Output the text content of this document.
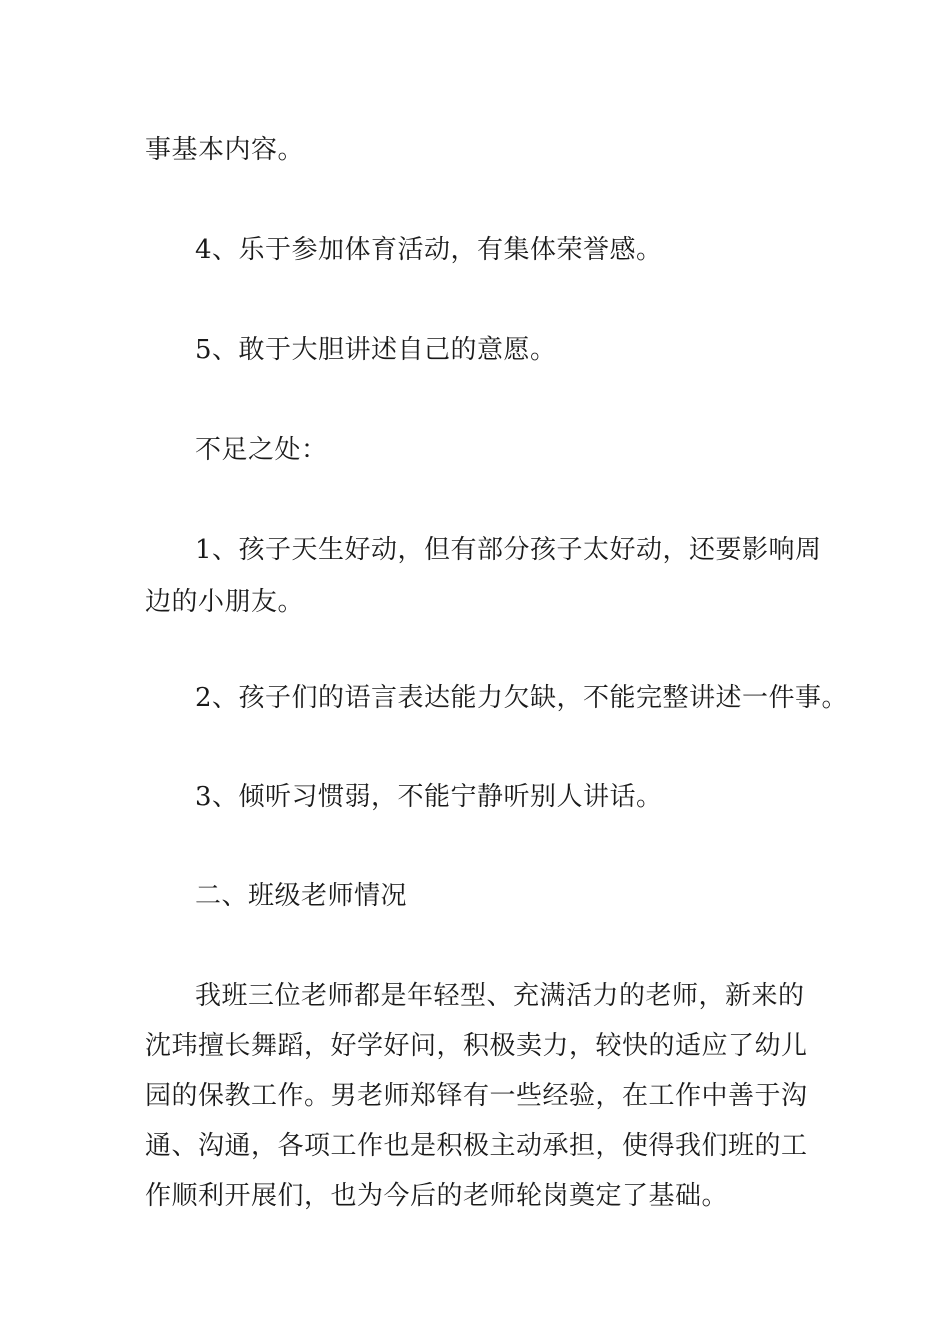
事基本内容。
4、乐于参加体育活动，有集体荣誉感。
5、敢于大胆讲述自己的意愿。
不足之处：
1、孩子天生好动，但有部分孩子太好动，还要影响周
边的小朋友。
2、孩子们的语言表达能力欠缺，不能完整讲述一件事。
3、倾听习惯弱，不能宁静听别人讲话。
二、班级老师情况
我班三位老师都是年轻型、充满活力的老师，新来的
沈玮擅长舞蹈，好学好问，积极卖力，较快的适应了幼儿
园的保教工作。男老师郑铎有一些经验，在工作中善于沟
通、沟通，各项工作也是积极主动承担，使得我们班的工
作顺利开展们，也为今后的老师轮岗奠定了基础。
